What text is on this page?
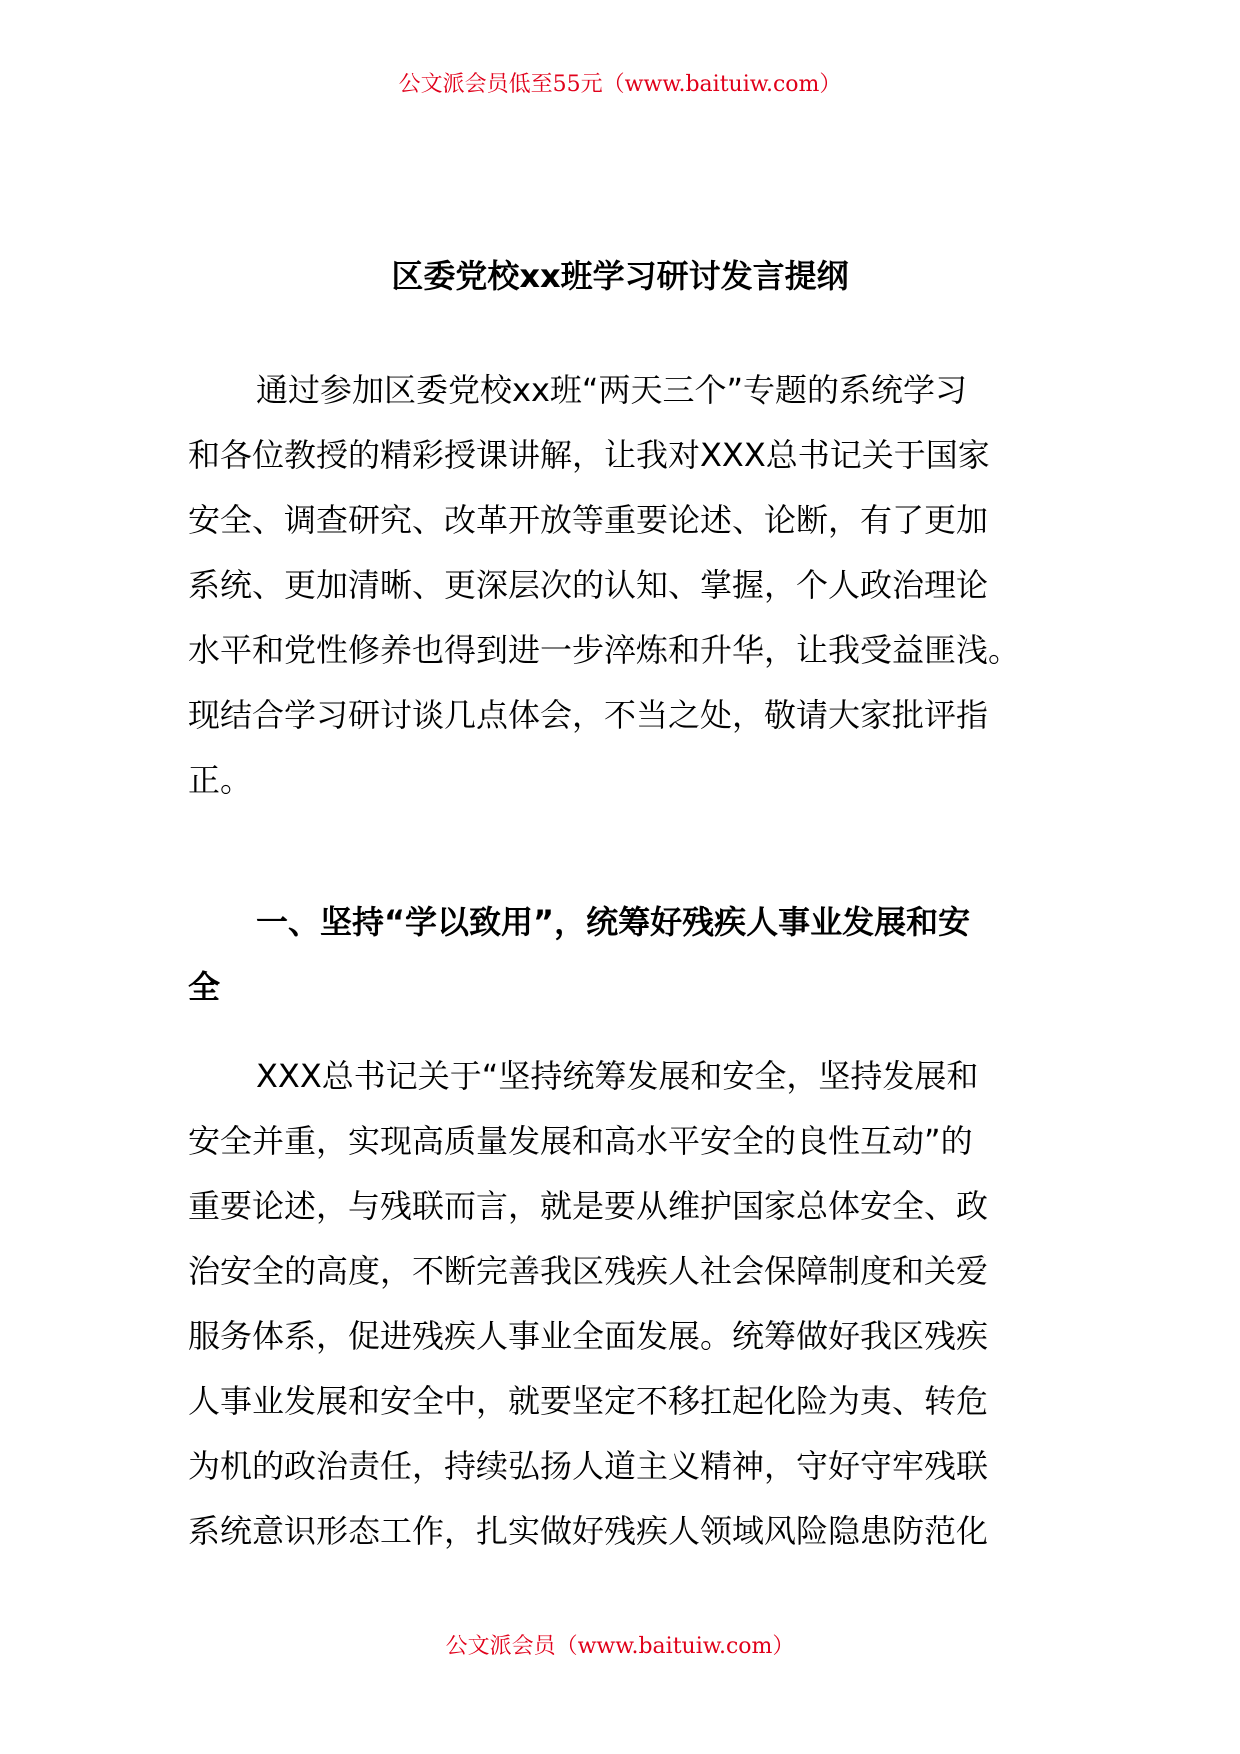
公文派会员低至55元（www.baituiw.com）
区委党校xx班学习研讨发言提纲
通过参加区委党校xx班“两天三个”专题的系统学习
和各位教授的精彩授课讲解，让我对XXX总书记关于国家
安全、调查研究、改革开放等重要论述、论断，有了更加
系统、更加清晰、更深层次的认知、掌握，个人政治理论
水平和党性修养也得到进一步淬炼和升华，让我受益匪浅。
现结合学习研讨谈几点体会，不当之处，敬请大家批评指
正。
一、坚持“学以致用”，统筹好残疾人事业发展和安
全
XXX总书记关于“坚持统筹发展和安全，坚持发展和
安全并重，实现高质量发展和高水平安全的良性互动”的
重要论述，与残联而言，就是要从维护国家总体安全、政
治安全的高度，不断完善我区残疾人社会保障制度和关爱
服务体系，促进残疾人事业全面发展。统筹做好我区残疾
人事业发展和安全中，就要坚定不移扛起化险为夷、转危
为机的政治责任，持续弘扬人道主义精神，守好守牢残联
系统意识形态工作，扎实做好残疾人领域风险隐患防范化
公文派会员（www.baituiw.com）
